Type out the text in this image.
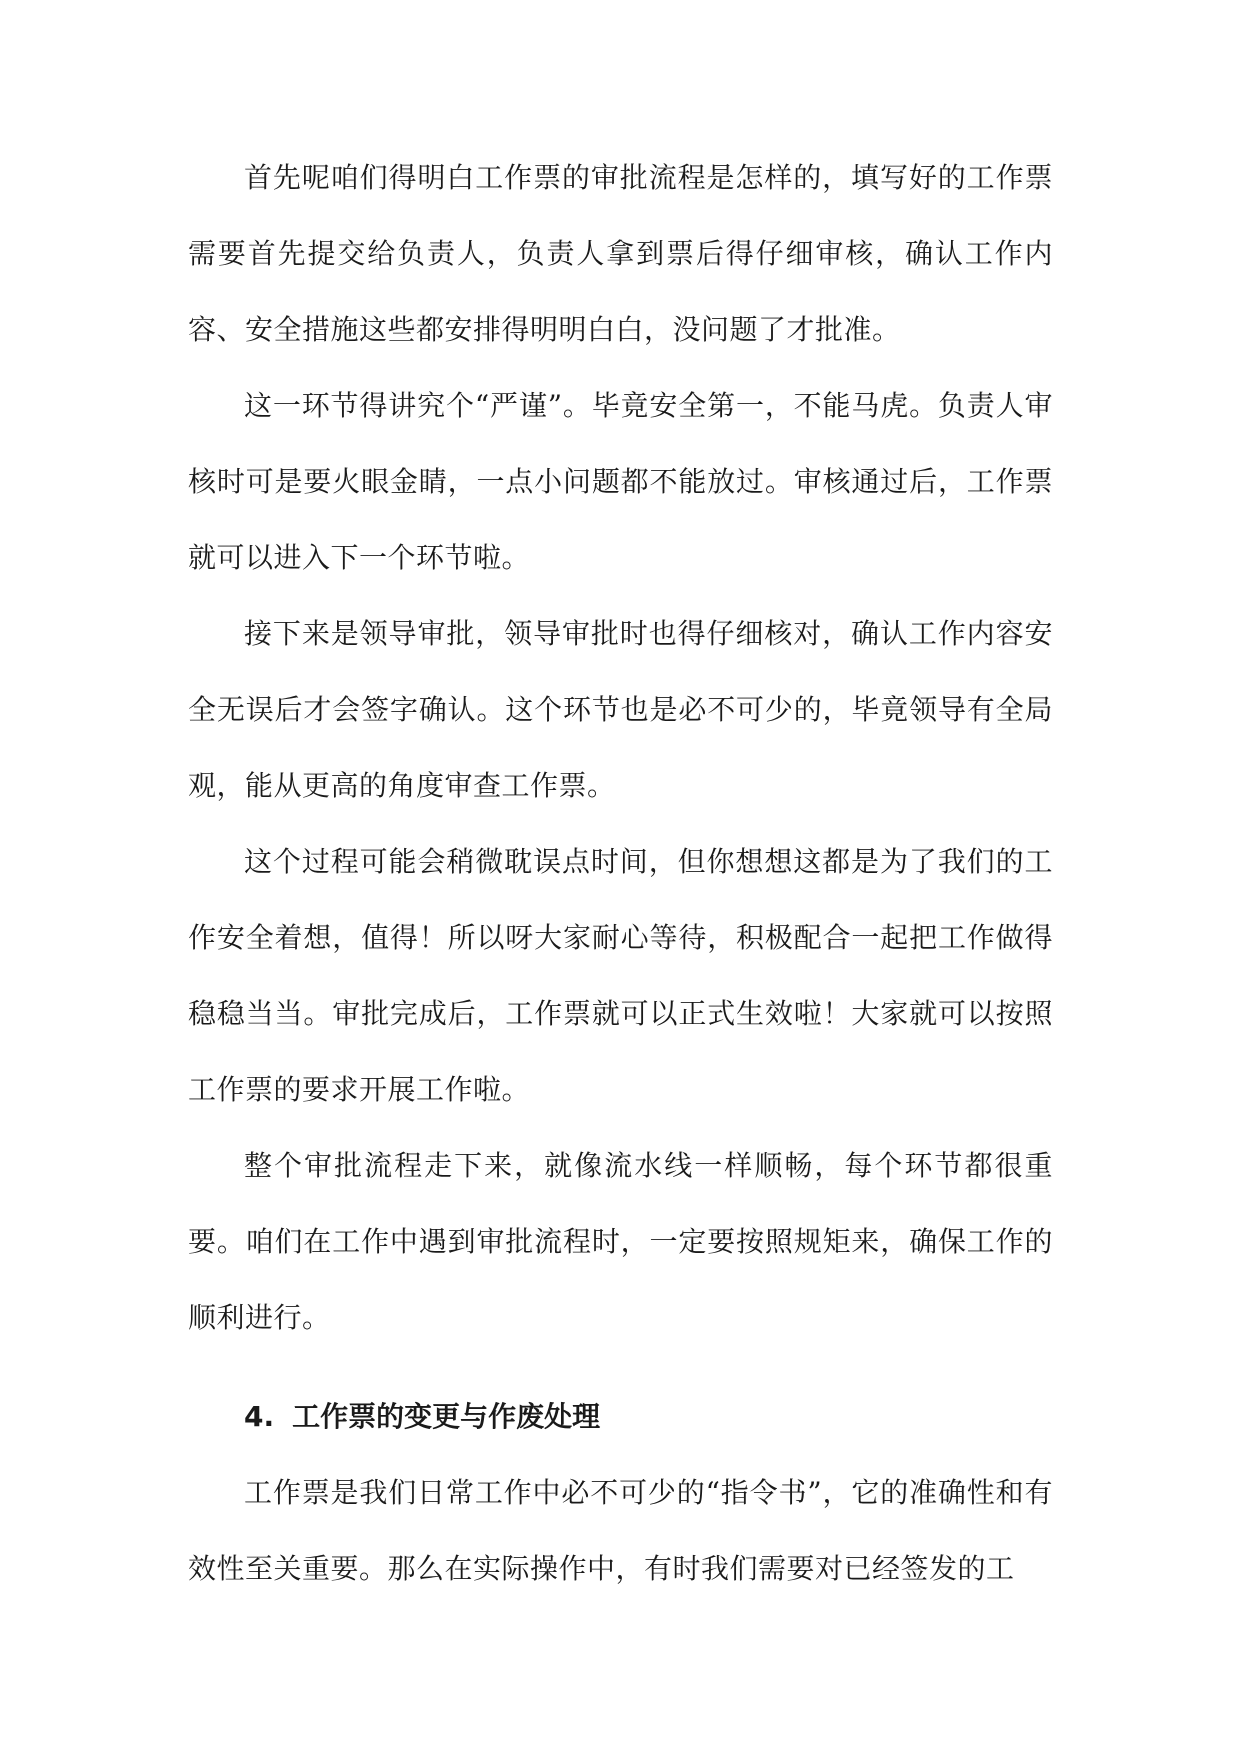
首先呢咱们得明白工作票的审批流程是怎样的，填写好的工作票需要首先提交给负责人，负责人拿到票后得仔细审核，确认工作内容、安全措施这些都安排得明明白白，没问题了才批准。

这一环节得讲究个“严谨”。毕竟安全第一，不能马虎。负责人审核时可是要火眼金睛，一点小问题都不能放过。审核通过后，工作票就可以进入下一个环节啦。

接下来是领导审批，领导审批时也得仔细核对，确认工作内容安全无误后才会签字确认。这个环节也是必不可少的，毕竟领导有全局观，能从更高的角度审查工作票。

这个过程可能会稍微耽误点时间，但你想想这都是为了我们的工作安全着想，值得！所以呀大家耐心等待，积极配合一起把工作做得稳稳当当。审批完成后，工作票就可以正式生效啦！大家就可以按照工作票的要求开展工作啦。

整个审批流程走下来，就像流水线一样顺畅，每个环节都很重要。咱们在工作中遇到审批流程时，一定要按照规矩来，确保工作的顺利进行。

4. 工作票的变更与作废处理

工作票是我们日常工作中必不可少的“指令书”，它的准确性和有效性至关重要。那么在实际操作中，有时我们需要对已经签发的工
